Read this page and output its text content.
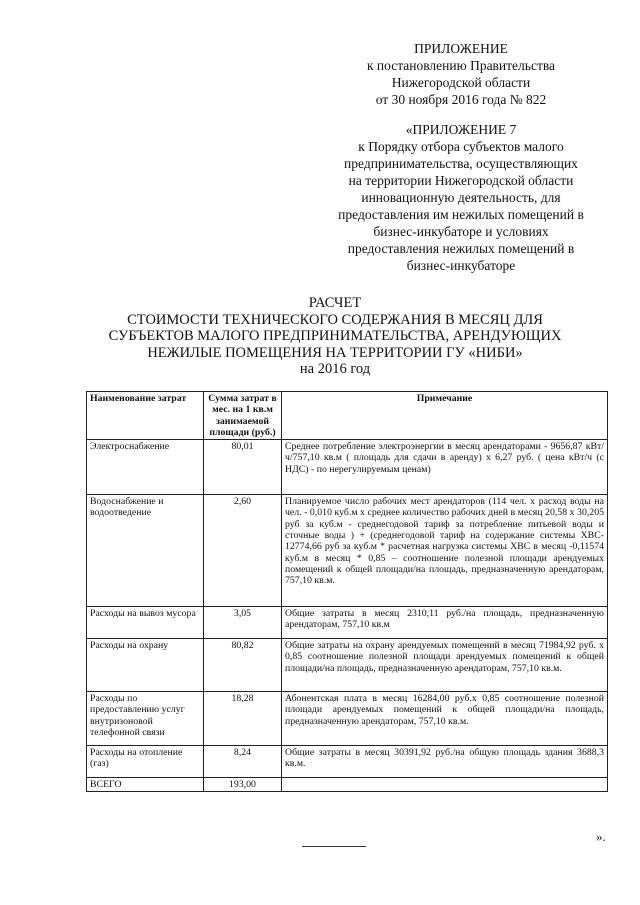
ПРИЛОЖЕНИЕ
к постановлению Правительства
Нижегородской области
от 30 ноября 2016 года № 822
«ПРИЛОЖЕНИЕ 7
к Порядку отбора субъектов малого
предпринимательства, осуществляющих
на территории Нижегородской области
инновационную деятельность, для
предоставления им нежилых помещений в
бизнес-инкубаторе и условиях
предоставления нежилых помещений в
бизнес-инкубаторе
РАСЧЕТ
СТОИМОСТИ ТЕХНИЧЕСКОГО СОДЕРЖАНИЯ В МЕСЯЦ ДЛЯ
СУБЪЕКТОВ МАЛОГО ПРЕДПРИНИМАТЕЛЬСТВА, АРЕНДУЮЩИХ
НЕЖИЛЫЕ ПОМЕЩЕНИЯ НА ТЕРРИТОРИИ ГУ «НИБИ»
на 2016 год
Наименование затрат	Сумма затрат в мес. на 1 кв.м занимаемой площади (руб.)	Примечание
Электроснабжение	80,01	Среднее потребление электроэнергии в месяц арендаторами - 9656,87 кВт/ч/757,10 кв.м ( площадь для сдачи в аренду) х 6,27 руб. ( цена кВт/ч (с НДС) - по нерегулируемым ценам)
Водоснабжение и водоотведение	2,60	Планируемое число рабочих мест арендаторов (114 чел. х расход воды на чел. - 0,010 куб.м х среднее количество рабочих дней в месяц 20,58 х 30,205 руб за куб.м - среднегодовой тариф за потребление питьевой воды и сточные воды ) + (среднегодовой тариф на содержание системы ХВС- 12774,66 руб за куб.м * расчетная нагрузка системы ХВС в месяц -0,11574 куб.м в месяц * 0,85 – соотношение полезной площади арендуемых помещений к общей площади/на площадь, предназначенную арендаторам, 757,10 кв.м.
Расходы на вывоз мусора	3,05	Общие затраты в месяц 2310,11 руб./на площадь, предназначенную арендаторам, 757,10 кв.м
Расходы на охрану	80,82	Общие затраты на охрану арендуемых помещений в месяц 71984,92 руб. х 0,85 соотношение полезной площади арендуемых помещений к общей площади/на площадь, предназначенную арендаторам, 757,10 кв.м.
Расходы по предоставлению услуг внутризоновой телефонной связи	18,28	Абонентская плата в месяц 16284,00 руб.х 0,85 соотношение полезной площади арендуемых помещений к общей площади/на площадь, предназначенную арендаторам, 757,10 кв.м.
Расходы на отопление (газ)	8,24	Общие затраты в месяц 30391,92 руб./на общую площадь здания 3688,3 кв.м.
ВСЕГО	193,00	
».
